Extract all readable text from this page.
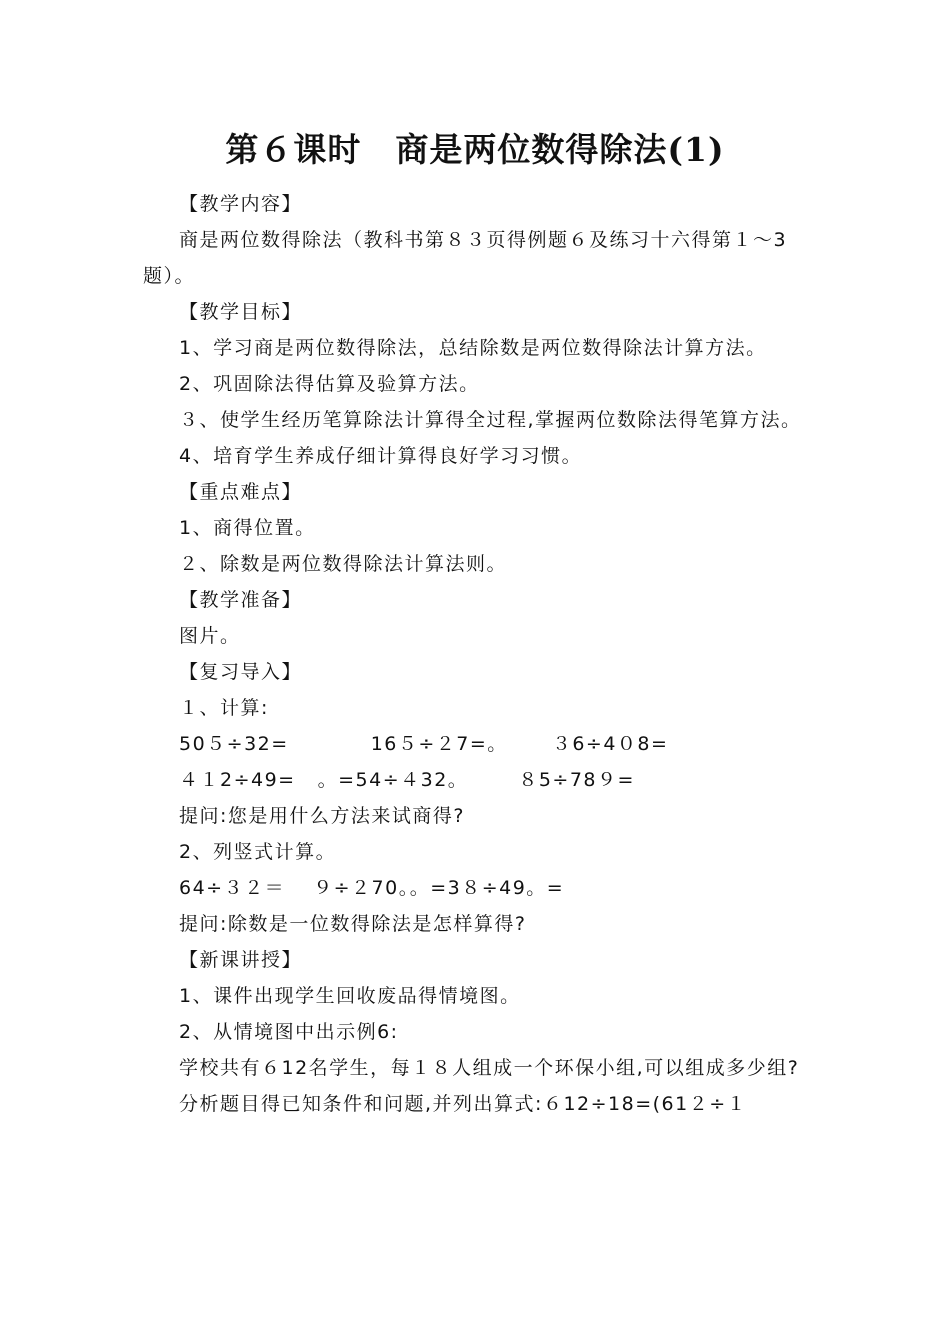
第６课时　商是两位数得除法(1)

【教学内容】

商是两位数得除法（教科书第８３页得例题６及练习十六得第１～3题）。

【教学目标】

1、学习商是两位数得除法，总结除数是两位数得除法计算方法。

2、巩固除法得估算及验算方法。

３、使学生经历笔算除法计算得全过程,掌握两位数除法得笔算方法。

4、培育学生养成仔细计算得良好学习习惯。

【重点难点】

1、商得位置。

２、除数是两位数得除法计算法则。

【教学准备】

图片。

【复习导入】

１、计算:

50５÷32=	16５÷２7=。 ３6÷4０8=

４１2÷49= 。=54÷４32。	８5÷78９=

提问:您是用什么方法来试商得?

2、列竖式计算。

64÷３２＝ ９÷２70。。=3８÷49。=

提问:除数是一位数得除法是怎样算得?

【新课讲授】

1、课件出现学生回收废品得情境图。

2、从情境图中出示例6:

学校共有６12名学生，每１８人组成一个环保小组,可以组成多少组?

分析题目得已知条件和问题,并列出算式:６12÷18=(61２÷１
